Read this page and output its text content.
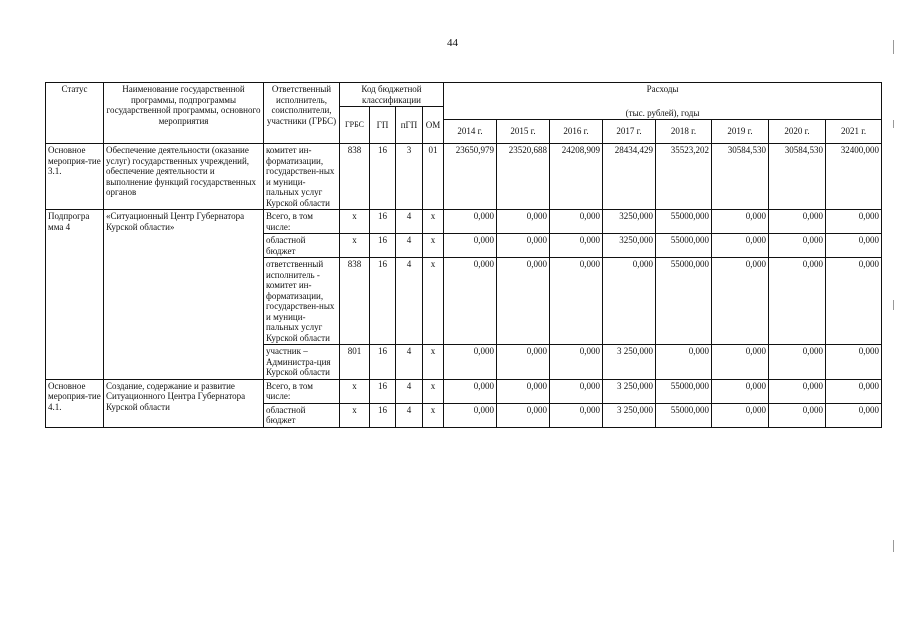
44
Статус	Наименование государственной программы, подпрограммы государственной программы, основного мероприятия	Ответственный исполнитель, соисполнители, участники (ГРБС)	Код бюджетной классификации				Расходы							
			ГРБС	ГП	пГП	ОМ	(тыс. рублей), годы							
							2014 г.	2015 г.	2016 г.	2017 г.	2018 г.	2019 г.	2020 г.	2021 г.
Основное мероприя-тие 3.1.	Обеспечение деятельности (оказание услуг) государственных учреждений, обеспечение деятельности и выполнение функций государственных органов	комитет ин-форматизации, государствен-ных и муници-пальных услуг Курской области	838	16	3	01	23650,979	23520,688	24208,909	28434,429	35523,202	30584,530	30584,530	32400,000
Подпрогра мма 4	«Ситуационный Центр Губернатора Курской области»	Всего, в том числе:	х	16	4	х	0,000	0,000	0,000	3250,000	55000,000	0,000	0,000	0,000
		областной бюджет	х	16	4	х	0,000	0,000	0,000	3250,000	55000,000	0,000	0,000	0,000
		ответственный исполнитель - комитет ин-форматизации, государствен-ных и муници-пальных услуг Курской области	838	16	4	х	0,000	0,000	0,000	0,000	55000,000	0,000	0,000	0,000
		участник – Администра-ция Курской области	801	16	4	х	0,000	0,000	0,000	3 250,000	0,000	0,000	0,000	0,000
Основное мероприя-тие 4.1.	Создание, содержание и развитие Ситуационного Центра Губернатора Курской области	Всего, в том числе:	х	16	4	х	0,000	0,000	0,000	3 250,000	55000,000	0,000	0,000	0,000
		областной бюджет	х	16	4	х	0,000	0,000	0,000	3 250,000	55000,000	0,000	0,000	0,000
